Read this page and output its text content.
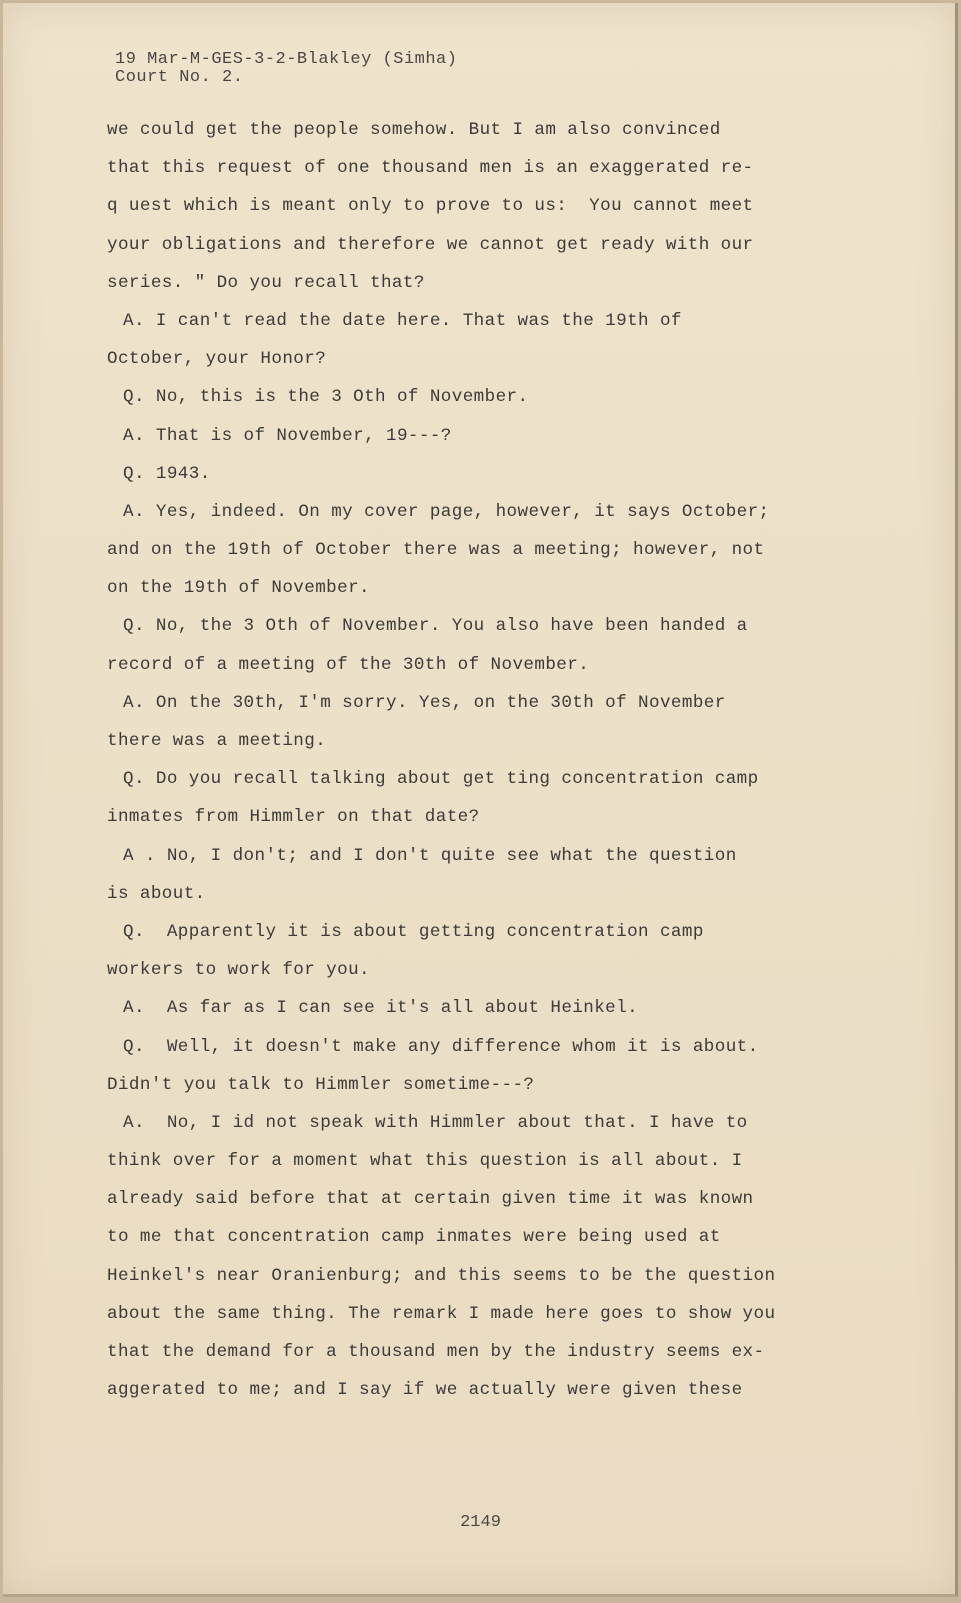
19 Mar-M-GES-3-2-Blakley (Simha)
Court No. 2.
we could get the people somehow. But I am also convinced
that this request of one thousand men is an exaggerated re-
q uest which is meant only to prove to us:  You cannot meet
your obligations and therefore we cannot get ready with our
series. " Do you recall that?
A. I can't read the date here. That was the 19th of
October, your Honor?
Q. No, this is the 3 Oth of November.
A. That is of November, 19---?
Q. 1943.
A. Yes, indeed. On my cover page, however, it says October;
and on the 19th of October there was a meeting; however, not
on the 19th of November.
Q. No, the 3 Oth of November. You also have been handed a
record of a meeting of the 30th of November.
A. On the 30th, I'm sorry. Yes, on the 30th of November
there was a meeting.
Q. Do you recall talking about get ting concentration camp
inmates from Himmler on that date?
A . No, I don't; and I don't quite see what the question
is about.
Q.  Apparently it is about getting concentration camp
workers to work for you.
A.  As far as I can see it's all about Heinkel.
Q.  Well, it doesn't make any difference whom it is about.
Didn't you talk to Himmler sometime---?
A.  No, I id not speak with Himmler about that. I have to
think over for a moment what this question is all about. I
already said before that at certain given time it was known
to me that concentration camp inmates were being used at
Heinkel's near Oranienburg; and this seems to be the question
about the same thing. The remark I made here goes to show you
that the demand for a thousand men by the industry seems ex-
aggerated to me; and I say if we actually were given these
2149
